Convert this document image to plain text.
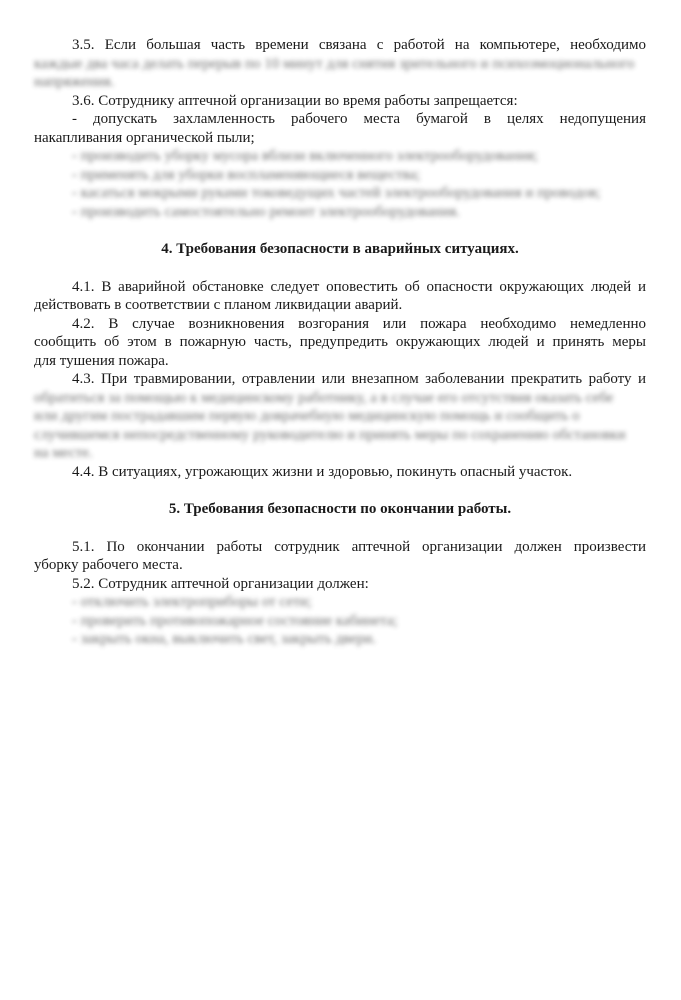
3.5. Если большая часть времени связана с работой на компьютере, необходимо

каждые два часа делать перерыв по 10 минут для снятия зрительного и психоэмоционального
напряжения.

3.6. Сотруднику аптечной организации во время работы запрещается:

- допускать захламленность рабочего места бумагой в целях недопущения

накапливания органической пыли;

- производить уборку мусора вблизи включенного электрооборудования;
- применять для уборки воспламеняющиеся вещества;
- касаться мокрыми руками токоведущих частей электрооборудования и проводов;
- производить самостоятельно ремонт электрооборудования.

4. Требования безопасности в аварийных ситуациях.

4.1. В аварийной обстановке следует оповестить об опасности окружающих людей и

действовать в соответствии с планом ликвидации аварий.

4.2. В случае возникновения возгорания или пожара необходимо немедленно

сообщить об этом в пожарную часть, предупредить окружающих людей и принять меры

для тушения пожара.

4.3. При травмировании, отравлении или внезапном заболевании прекратить работу и

обратиться за помощью к медицинскому работнику, а в случае его отсутствия оказать себе
или другим пострадавшим первую доврачебную медицинскую помощь и сообщить о
случившемся непосредственному руководителю и принять меры по сохранению обстановки
на месте.

4.4. В ситуациях, угрожающих жизни и здоровью, покинуть опасный участок.

5. Требования безопасности по окончании работы.

5.1. По окончании работы сотрудник аптечной организации должен произвести

уборку рабочего места.

5.2. Сотрудник аптечной организации должен:

- отключить электроприборы от сети;
- проверить противопожарное состояние кабинета;
- закрыть окна, выключить свет, закрыть двери.
